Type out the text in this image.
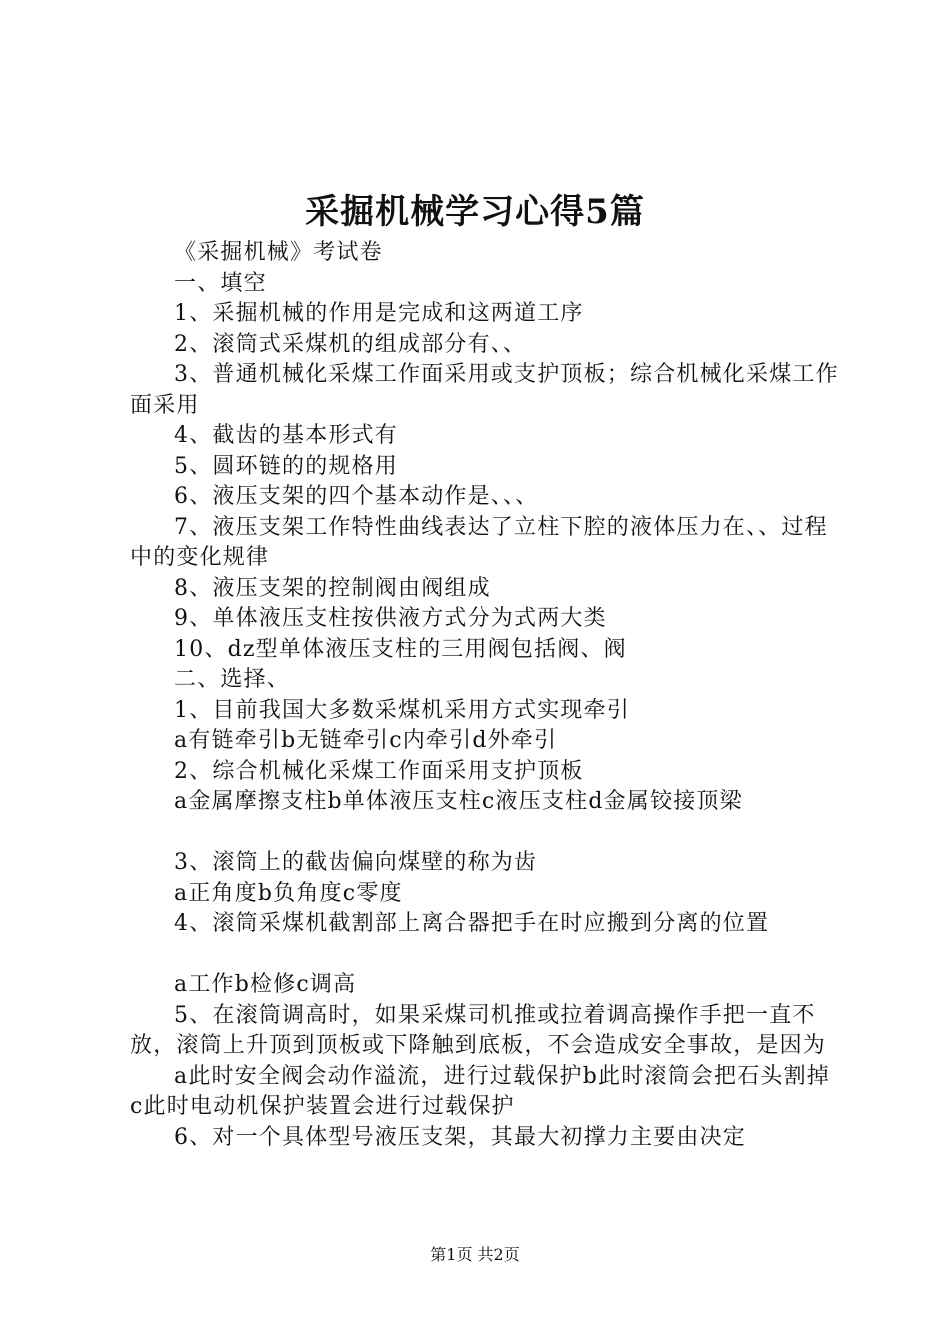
采掘机械学习心得5篇

《采掘机械》考试卷

一、填空

1、采掘机械的作用是完成和这两道工序

2、滚筒式采煤机的组成部分有、、

3、普通机械化采煤工作面采用或支护顶板；综合机械化采煤工作面采用

4、截齿的基本形式有

5、圆环链的的规格用

6、液压支架的四个基本动作是、、、

7、液压支架工作特性曲线表达了立柱下腔的液体压力在、、过程中的变化规律

8、液压支架的控制阀由阀组成

9、单体液压支柱按供液方式分为式两大类

10、dz型单体液压支柱的三用阀包括阀、阀

二、选择、

1、目前我国大多数采煤机采用方式实现牵引

a有链牵引b无链牵引c内牵引d外牵引

2、综合机械化采煤工作面采用支护顶板

a金属摩擦支柱b单体液压支柱c液压支柱d金属铰接顶梁

3、滚筒上的截齿偏向煤壁的称为齿

a正角度b负角度c零度

4、滚筒采煤机截割部上离合器把手在时应搬到分离的位置

a工作b检修c调高

5、在滚筒调高时，如果采煤司机推或拉着调高操作手把一直不放，滚筒上升顶到顶板或下降触到底板，不会造成安全事故，是因为

a此时安全阀会动作溢流，进行过载保护b此时滚筒会把石头割掉c此时电动机保护装置会进行过载保护

6、对一个具体型号液压支架，其最大初撑力主要由决定

第1页 共2页
